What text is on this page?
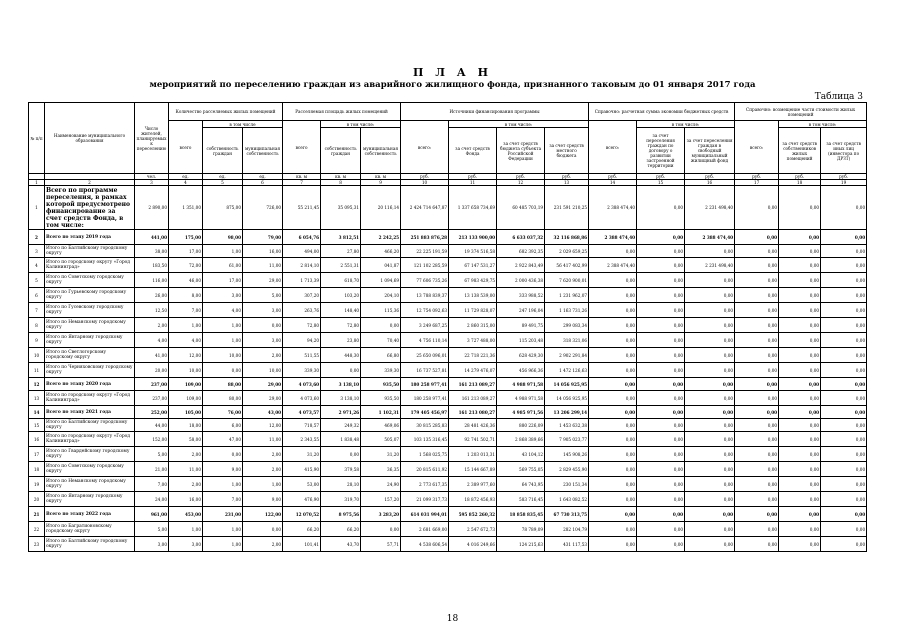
П Л А Н
мероприятий по переселению граждан из аварийного жилищного фонда, признанного таковым до 01 января 2017 года
Таблица 3
№ п/п	Наименование муниципального образования	Число жителей, планируемых к переселению	Количество расселяемых жилых помещений			Расселяемая площадь жилых помещений			Источники финансирования программы				Справочно: расчетная сумма экономии бюджетных средств			Справочно: возмещение части стоимости жилых помещений		
			всего	в том числе		всего	в том числе:		всего:	в том числе:			всего:	в том числе:		всего:	в том числе:	
				собственность граждан	муниципальная собственность		собственность граждан	муниципальная собственность		за счет средств Фонда	за счет средств бюджета субъекта Российской Федерации	за счет средств местного бюджета		за счет переселения граждан по договору о развитии застроенной территории	за счет переселения граждан в свободный муниципальный жилищный фонд		за счет средств собственников жилых помещений	за счет средств иных лиц (инвестора по ДРЗТ)
		чел.	ед.	ед.	ед.	кв. м	кв. м	кв. м	руб.	руб.	руб.	руб.	руб.	руб.	руб.	руб.	руб.	руб.
1	2	3	4	5	6	7	8	9	10	11	12	13	14	15	16	17	18	19
1	Всего по программе переселения, в рамках которой предусмотрено финансирование за счет средств Фонда, в том числе:	2 890,00	1 351,00	875,00	726,00	55 211,45	35 095,31	20 116,14	2 424 714 647,87	1 337 658 734,69	60 485 703,19	231 591 210,25	2 388 474,40	0,00	2 231 498,40	0,00	0,00	0,00
2	Всего по этапу 2019 года	441,00	175,00	98,00	79,00	6 054,76	3 812,51	2 242,25	251 883 876,28	213 133 900,00	6 633 037,32	32 116 868,86	2 388 474,40	0,00	2 388 474,40	0,00	0,00	0,00
3	Итого по Балтийскому городскому округу	38,00	17,00	1,00	16,00	494,00	27,80	466,20	22 225 191,59	19 374 516,58	682 392,35	2 029 659,25	0,00	0,00	0,00	0,00	0,00	0,00
4	Итого по городскому округу «Город Калининград»	183,50	72,00	61,00	11,00	2 814,10	2 551,31	041,87	121 102 285,59	67 147 531,27	2 922 843,49	56 417 402,99	2 388 474,40	0,00	2 231 498,40	0,00	0,00	0,00
5	Итого по Советскому городскому округу	116,00	46,00	17,00	29,00	1 713,39	618,70	1 094,69	77 606 735,26	67 983 429,75	2 000 436,38	7 620 900,01	0,00	0,00	0,00	0,00	0,00	0,00
6	Итого по Гурьевскому городскому округу	26,00	8,00	3,00	5,00	307,20	103,20	204,10	13 788 839,37	13 138 539,00	333 988,52	1 231 962,07	0,00	0,00	0,00	0,00	0,00	0,00
7	Итого по Гусевскому городскому округу	12,50	7,00	4,00	3,00	263,76	148,40	115,36	12 754 092,63	11 729 828,07	247 196,04	1 163 731,26	0,00	0,00	0,00	0,00	0,00	0,00
8	Итого по Неманскому городскому округу	2,00	1,00	1,00	0,00	72,80	72,80	0,00	3 249 687,25	2 860 315,00	89 491,75	299 083,34	0,00	0,00	0,00	0,00	0,00	0,00
9	Итого по Янтарному городскому округу	4,00	4,00	1,00	3,00	94,20	23,80	70,40	4 756 110,14	3 727 488,00	115 203,48	318 321,06	0,00	0,00	0,00	0,00	0,00	0,00
10	Итого по Светлогорскому городскому округу	41,00	12,00	10,00	2,00	511,55	448,30	66,80	25 650 096,01	22 718 221,36	628 429,30	2 902 291,84	0,00	0,00	0,00	0,00	0,00	0,00
11	Итого по Черняховскому городскому округу	20,00	10,00	0,00	10,00	339,30	0,00	339,30	16 737 527,81	14 279 476,07	456 966,36	1 472 126,63	0,00	0,00	0,00	0,00	0,00	0,00
12	Всего по этапу 2020 года	237,00	109,00	88,00	29,00	4 073,60	3 138,10	935,50	180 258 977,41	161 213 089,27	4 988 971,58	14 056 925,95	0,00	0,00	0,00	0,00	0,00	0,00
13	Итого по городскому округу «Город Калининград»	237,00	109,00	80,00	29,00	4 073,60	3 138,10	935,50	180 258 977,41	161 213 089,27	4 988 971,58	14 056 925,95	0,00	0,00	0,00	0,00	0,00	0,00
14	Всего по этапу 2021 года	252,00	105,00	76,00	43,00	4 073,57	2 971,26	1 102,31	179 405 456,97	161 213 080,27	4 985 971,56	13 206 299,14	0,00	0,00	0,00	0,00	0,00	0,00
15	Итого по Балтийскому городскому округу	44,00	18,00	6,00	12,00	718,57	249,32	469,06	30 815 285,83	28 481 426,36	880 226,09	1 453 632,38	0,00	0,00	0,00	0,00	0,00	0,00
16	Итого по городскому округу «Город Калининград»	152,00	58,00	47,00	11,00	2 343,55	1 838,48	505,07	103 135 316,45	92 741 502,71	2 868 389,66	7 905 023,77	0,00	0,00	0,00	0,00	0,00	0,00
17	Итого по Гвардейскому городскому округу	5,00	2,00	0,00	2,00	31,20	0,00	31,20	1 568 025,75	1 203 013,31	43 104,12	145 908,26	0,00	0,00	0,00	0,00	0,00	0,00
18	Итого по Советскому городскому округу	21,00	11,00	9,00	2,00	415,90	379,58	36,35	20 815 611,92	15 144 667,89	569 755,05	2 829 455,90	0,00	0,00	0,00	0,00	0,00	0,00
19	Итого по Неманскому городскому округу	7,00	2,00	1,00	1,00	53,00	28,10	24,90	2 773 617,35	2 389 977,60	64 743,95	230 151,34	0,00	0,00	0,00	0,00	0,00	0,00
20	Итого по Янтарному городскому округу	24,00	16,00	7,00	9,00	476,90	319,70	157,20	21 099 317,73	18 872 456,93	583 716,45	1 643 082,52	0,00	0,00	0,00	0,00	0,00	0,00
21	Всего по этапу 2022 года	961,00	453,00	231,00	122,00	12 070,52	8 975,56	3 283,20	614 031 994,01	595 852 260,32	18 858 835,45	67 730 313,75	0,00	0,00	0,00	0,00	0,00	0,00
22	Итого по Багратионовскому городскому округу	5,00	1,00	1,00	0,00	66,20	66,20	0,00	2 681 669,00	2 547 672,73	78 789,09	282 104,79	0,00	0,00	0,00	0,00	0,00	0,00
23	Итого по Балтийскому городскому округу	3,00	3,00	1,00	2,00	101,41	43,70	57,71	4 538 606,54	4 016 249,66	124 215,63	431 117,53	0,00	0,00	0,00	0,00	0,00	0,00
18
